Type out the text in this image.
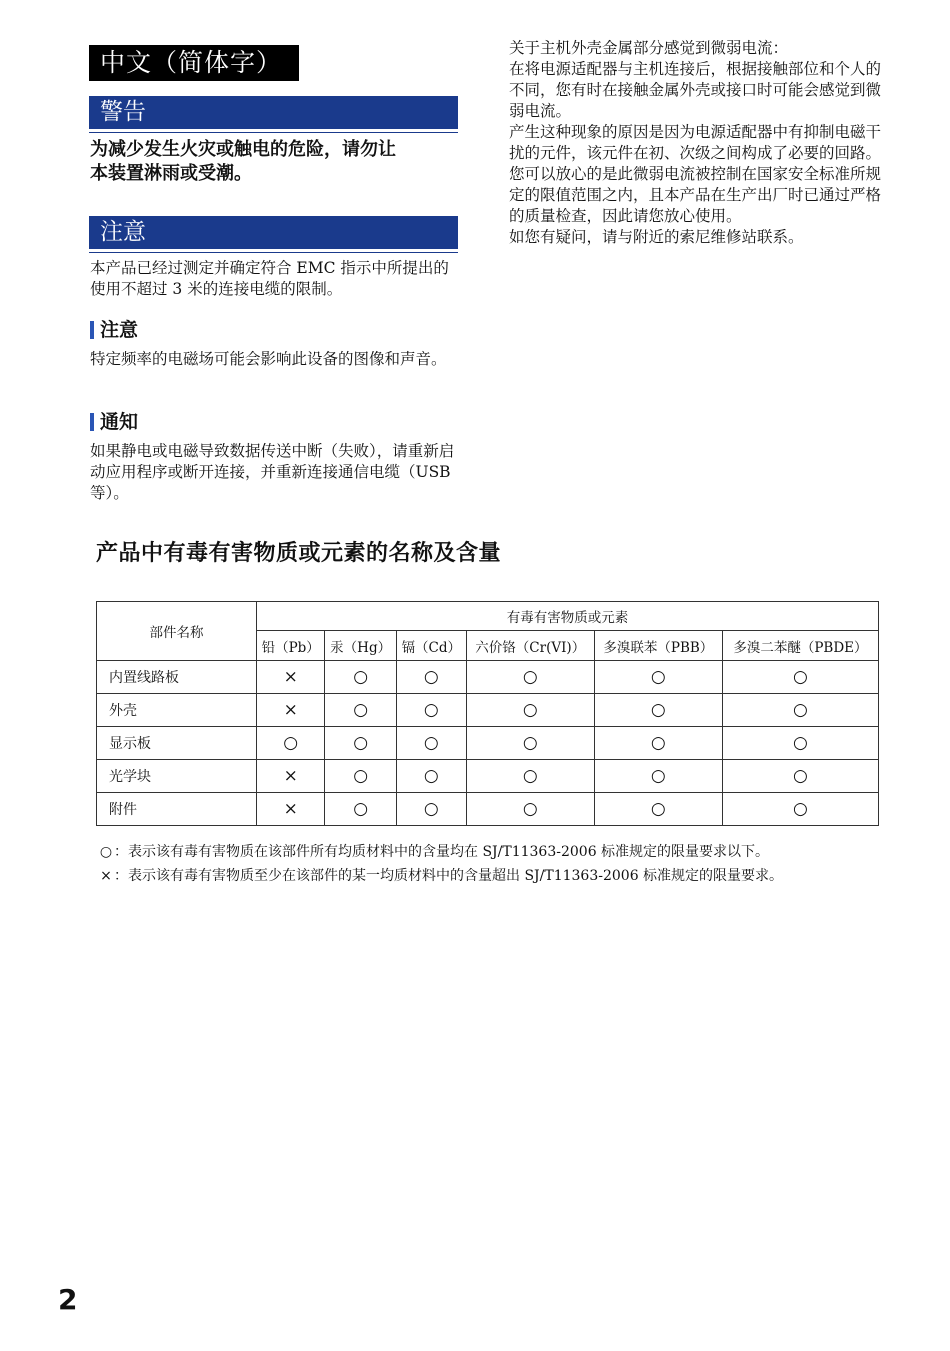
中文（简体字）
警告
为减少发生火灾或触电的危险，请勿让
本装置淋雨或受潮。
注意
本产品已经过测定并确定符合 EMC 指示中所提出的使用不超过 3 米的连接电缆的限制。
注意
特定频率的电磁场可能会影响此设备的图像和声音。
通知
如果静电或电磁导致数据传送中断（失败），请重新启动应用程序或断开连接，并重新连接通信电缆（USB 等）。
关于主机外壳金属部分感觉到微弱电流：
在将电源适配器与主机连接后，根据接触部位和个人的不同，您有时在接触金属外壳或接口时可能会感觉到微弱电流。
产生这种现象的原因是因为电源适配器中有抑制电磁干扰的元件，该元件在初、次级之间构成了必要的回路。
您可以放心的是此微弱电流被控制在国家安全标准所规定的限值范围之内，且本产品在生产出厂时已通过严格的质量检查，因此请您放心使用。
如您有疑问，请与附近的索尼维修站联系。
产品中有毒有害物质或元素的名称及含量
部件名称	有毒有害物质或元素					
	铅（Pb）	汞（Hg）	镉（Cd）	六价铬（Cr(VI)）	多溴联苯（PBB）	多溴二苯醚（PBDE）
内置线路板	×	○	○	○	○	○
外壳	×	○	○	○	○	○
显示板	○	○	○	○	○	○
光学块	×	○	○	○	○	○
附件	×	○	○	○	○	○
○ ：表示该有毒有害物质在该部件所有均质材料中的含量均在 SJ/T11363-2006 标准规定的限量要求以下。
× ：表示该有毒有害物质至少在该部件的某一均质材料中的含量超出 SJ/T11363-2006 标准规定的限量要求。
2
